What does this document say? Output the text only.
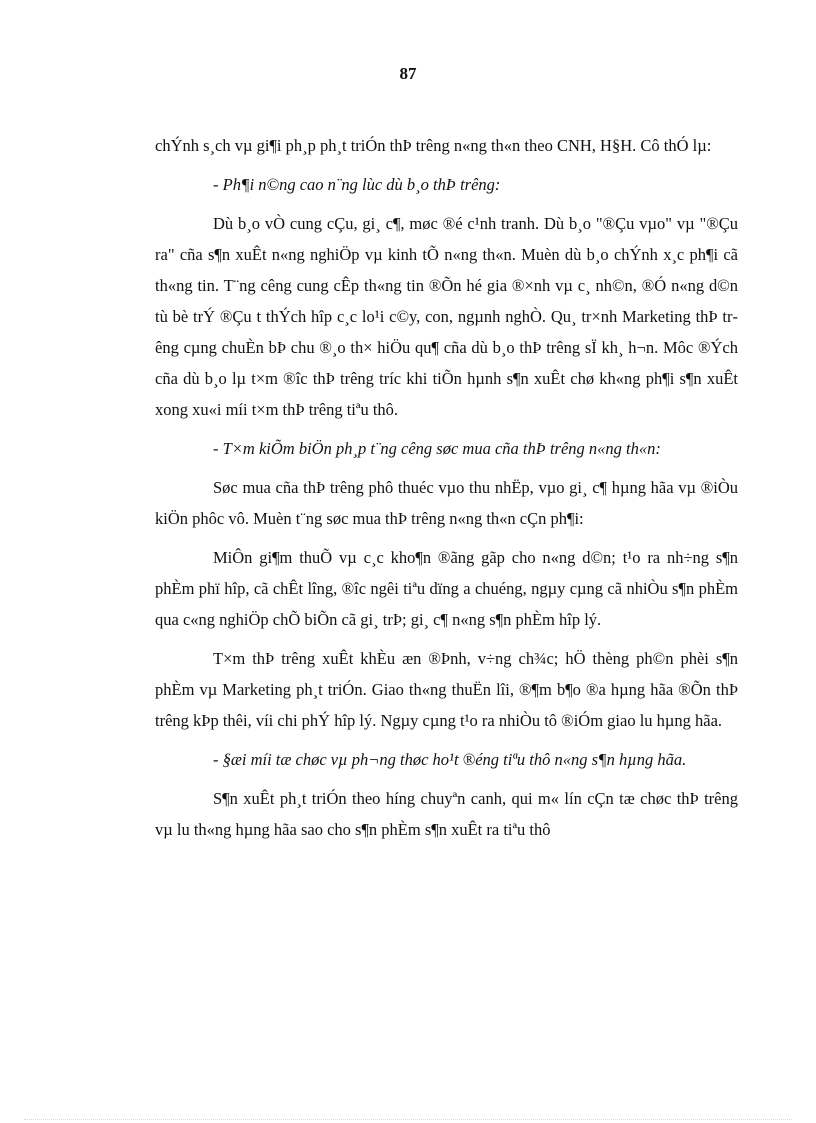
87

chÝnh s¸ch vµ gi¶i ph¸p ph¸t triÓn thÞ trêng n«ng th«n theo CNH, H§H. Cô thÓ lµ:

- Ph¶i n©ng cao n¨ng lùc dù b¸o thÞ trêng:

Dù b¸o vÒ cung cÇu, gi¸ c¶, møc ®é c¹nh tranh. Dù b¸o "®Çu vµo" vµ "®Çu ra" cña s¶n xuÊt n«ng nghiÖp vµ kinh tÕ n«ng th«n. Muèn dù b¸o chÝnh x¸c ph¶i cã th«ng tin. T¨ng cêng cung cÊp th«ng tin ®Õn hé gia ®×nh vµ c¸ nh©n, ®Ó n«ng d©n tù bè trÝ ®Çu t thÝch hîp c¸c lo¹i c©y, con, ngµnh nghÒ. Qu¸ tr×nh Marketing thÞ trêng cµng chuÈn bÞ chu ®¸o th× hiÖu qu¶ cña dù b¸o thÞ trêng sÏ kh¸ h¬n. Môc ®Ých cña dù b¸o lµ t×m ®îc thÞ trêng tríc khi tiÕn hµnh s¶n xuÊt chø kh«ng ph¶i s¶n xuÊt xong xu«i míi t×m thÞ trêng tiªu thô.

- T×m kiÕm biÖn ph¸p t¨ng cêng søc mua cña thÞ trêng n«ng th«n:

Søc mua cña thÞ trêng phô thuéc vµo thu nhËp, vµo gi¸ c¶ hµng hãa vµ ®iÒu kiÖn phôc vô. Muèn t¨ng søc mua thÞ trêng n«ng th«n cÇn ph¶i:

MiÔn gi¶m thuÕ vµ c¸c kho¶n ®ãng gãp cho n«ng d©n; t¹o ra nh÷ng s¶n phÈm phï hîp, cã chÊt lîng, ®îc ngêi tiªu dïng a chuéng, ngµy cµng cã nhiÒu s¶n phÈm qua c«ng nghiÖp chÕ biÕn cã gi¸ trÞ; gi¸ c¶ n«ng s¶n phÈm hîp lý.

T×m thÞ trêng xuÊt khÈu æn ®Þnh, v÷ng ch¾c; hÖ thèng ph©n phèi s¶n phÈm vµ Marketing ph¸t triÓn. Giao th«ng thuËn lîi, ®¶m b¶o ®a hµng hãa ®Õn thÞ trêng kÞp thêi, víi chi phÝ hîp lý. Ngµy cµng t¹o ra nhiÒu tô ®iÓm giao lu hµng hãa.

- §æi míi tæ chøc vµ ph¬ng thøc ho¹t ®éng tiªu thô n«ng s¶n hµng hãa.

S¶n xuÊt ph¸t triÓn theo híng chuyªn canh, qui m« lín cÇn tæ chøc thÞ trêng vµ lu th«ng hµng hãa sao cho s¶n phÈm s¶n xuÊt ra tiªu thô
